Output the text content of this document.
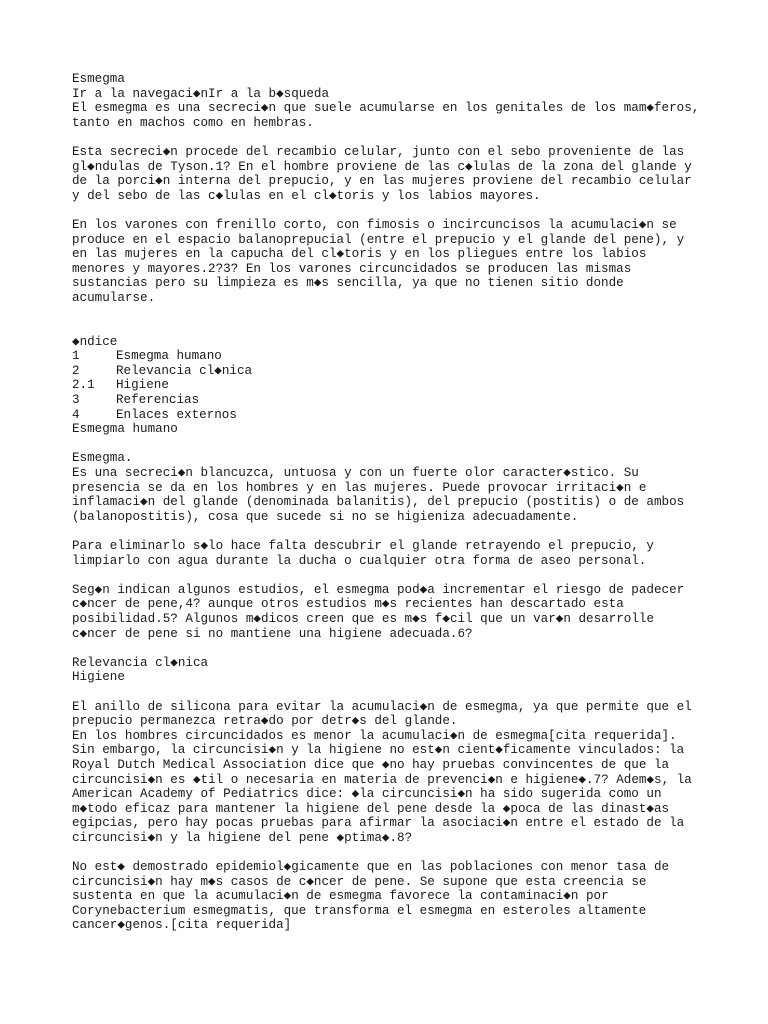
Esmegma
Ir a la navegaci◆nIr a la b◆squeda
El esmegma es una secreci◆n que suele acumularse en los genitales de los mam◆feros,
tanto en machos como en hembras.
Esta secreci◆n procede del recambio celular, junto con el sebo proveniente de las
gl◆ndulas de Tyson.1? En el hombre proviene de las c◆lulas de la zona del glande y
de la porci◆n interna del prepucio, y en las mujeres proviene del recambio celular
y del sebo de las c◆lulas en el cl◆toris y los labios mayores.
En los varones con frenillo corto, con fimosis o incircuncisos la acumulaci◆n se
produce en el espacio balanoprepucial (entre el prepucio y el glande del pene), y
en las mujeres en la capucha del cl◆toris y en los pliegues entre los labios
menores y mayores.2?3? En los varones circuncidados se producen las mismas
sustancias pero su limpieza es m◆s sencilla, ya que no tienen sitio donde
acumularse.
◆ndice
1	Esmegma humano
2	Relevancia cl◆nica
2.1	Higiene
3	Referencias
4	Enlaces externos
Esmegma humano
Esmegma.
Es una secreci◆n blancuzca, untuosa y con un fuerte olor caracter◆stico. Su
presencia se da en los hombres y en las mujeres. Puede provocar irritaci◆n e
inflamaci◆n del glande (denominada balanitis), del prepucio (postitis) o de ambos
(balanopostitis), cosa que sucede si no se higieniza adecuadamente.
Para eliminarlo s◆lo hace falta descubrir el glande retrayendo el prepucio, y
limpiarlo con agua durante la ducha o cualquier otra forma de aseo personal.
Seg◆n indican algunos estudios, el esmegma pod◆a incrementar el riesgo de padecer
c◆ncer de pene,4? aunque otros estudios m◆s recientes han descartado esta
posibilidad.5? Algunos m◆dicos creen que es m◆s f◆cil que un var◆n desarrolle
c◆ncer de pene si no mantiene una higiene adecuada.6?
Relevancia cl◆nica
Higiene
El anillo de silicona para evitar la acumulaci◆n de esmegma, ya que permite que el
prepucio permanezca retra◆do por detr◆s del glande.
En los hombres circuncidados es menor la acumulaci◆n de esmegma[cita requerida].
Sin embargo, la circuncisi◆n y la higiene no est◆n cient◆ficamente vinculados: la
Royal Dutch Medical Association dice que ◆no hay pruebas convincentes de que la
circuncisi◆n es ◆til o necesaria en materia de prevenci◆n e higiene◆.7? Adem◆s, la
American Academy of Pediatrics dice: ◆la circuncisi◆n ha sido sugerida como un
m◆todo eficaz para mantener la higiene del pene desde la ◆poca de las dinast◆as
egipcias, pero hay pocas pruebas para afirmar la asociaci◆n entre el estado de la
circuncisi◆n y la higiene del pene ◆ptima◆.8?
No est◆ demostrado epidemiol◆gicamente que en las poblaciones con menor tasa de
circuncisi◆n hay m◆s casos de c◆ncer de pene. Se supone que esta creencia se
sustenta en que la acumulaci◆n de esmegma favorece la contaminaci◆n por
Corynebacterium esmegmatis, que transforma el esmegma en esteroles altamente
cancer◆genos.[cita requerida]
